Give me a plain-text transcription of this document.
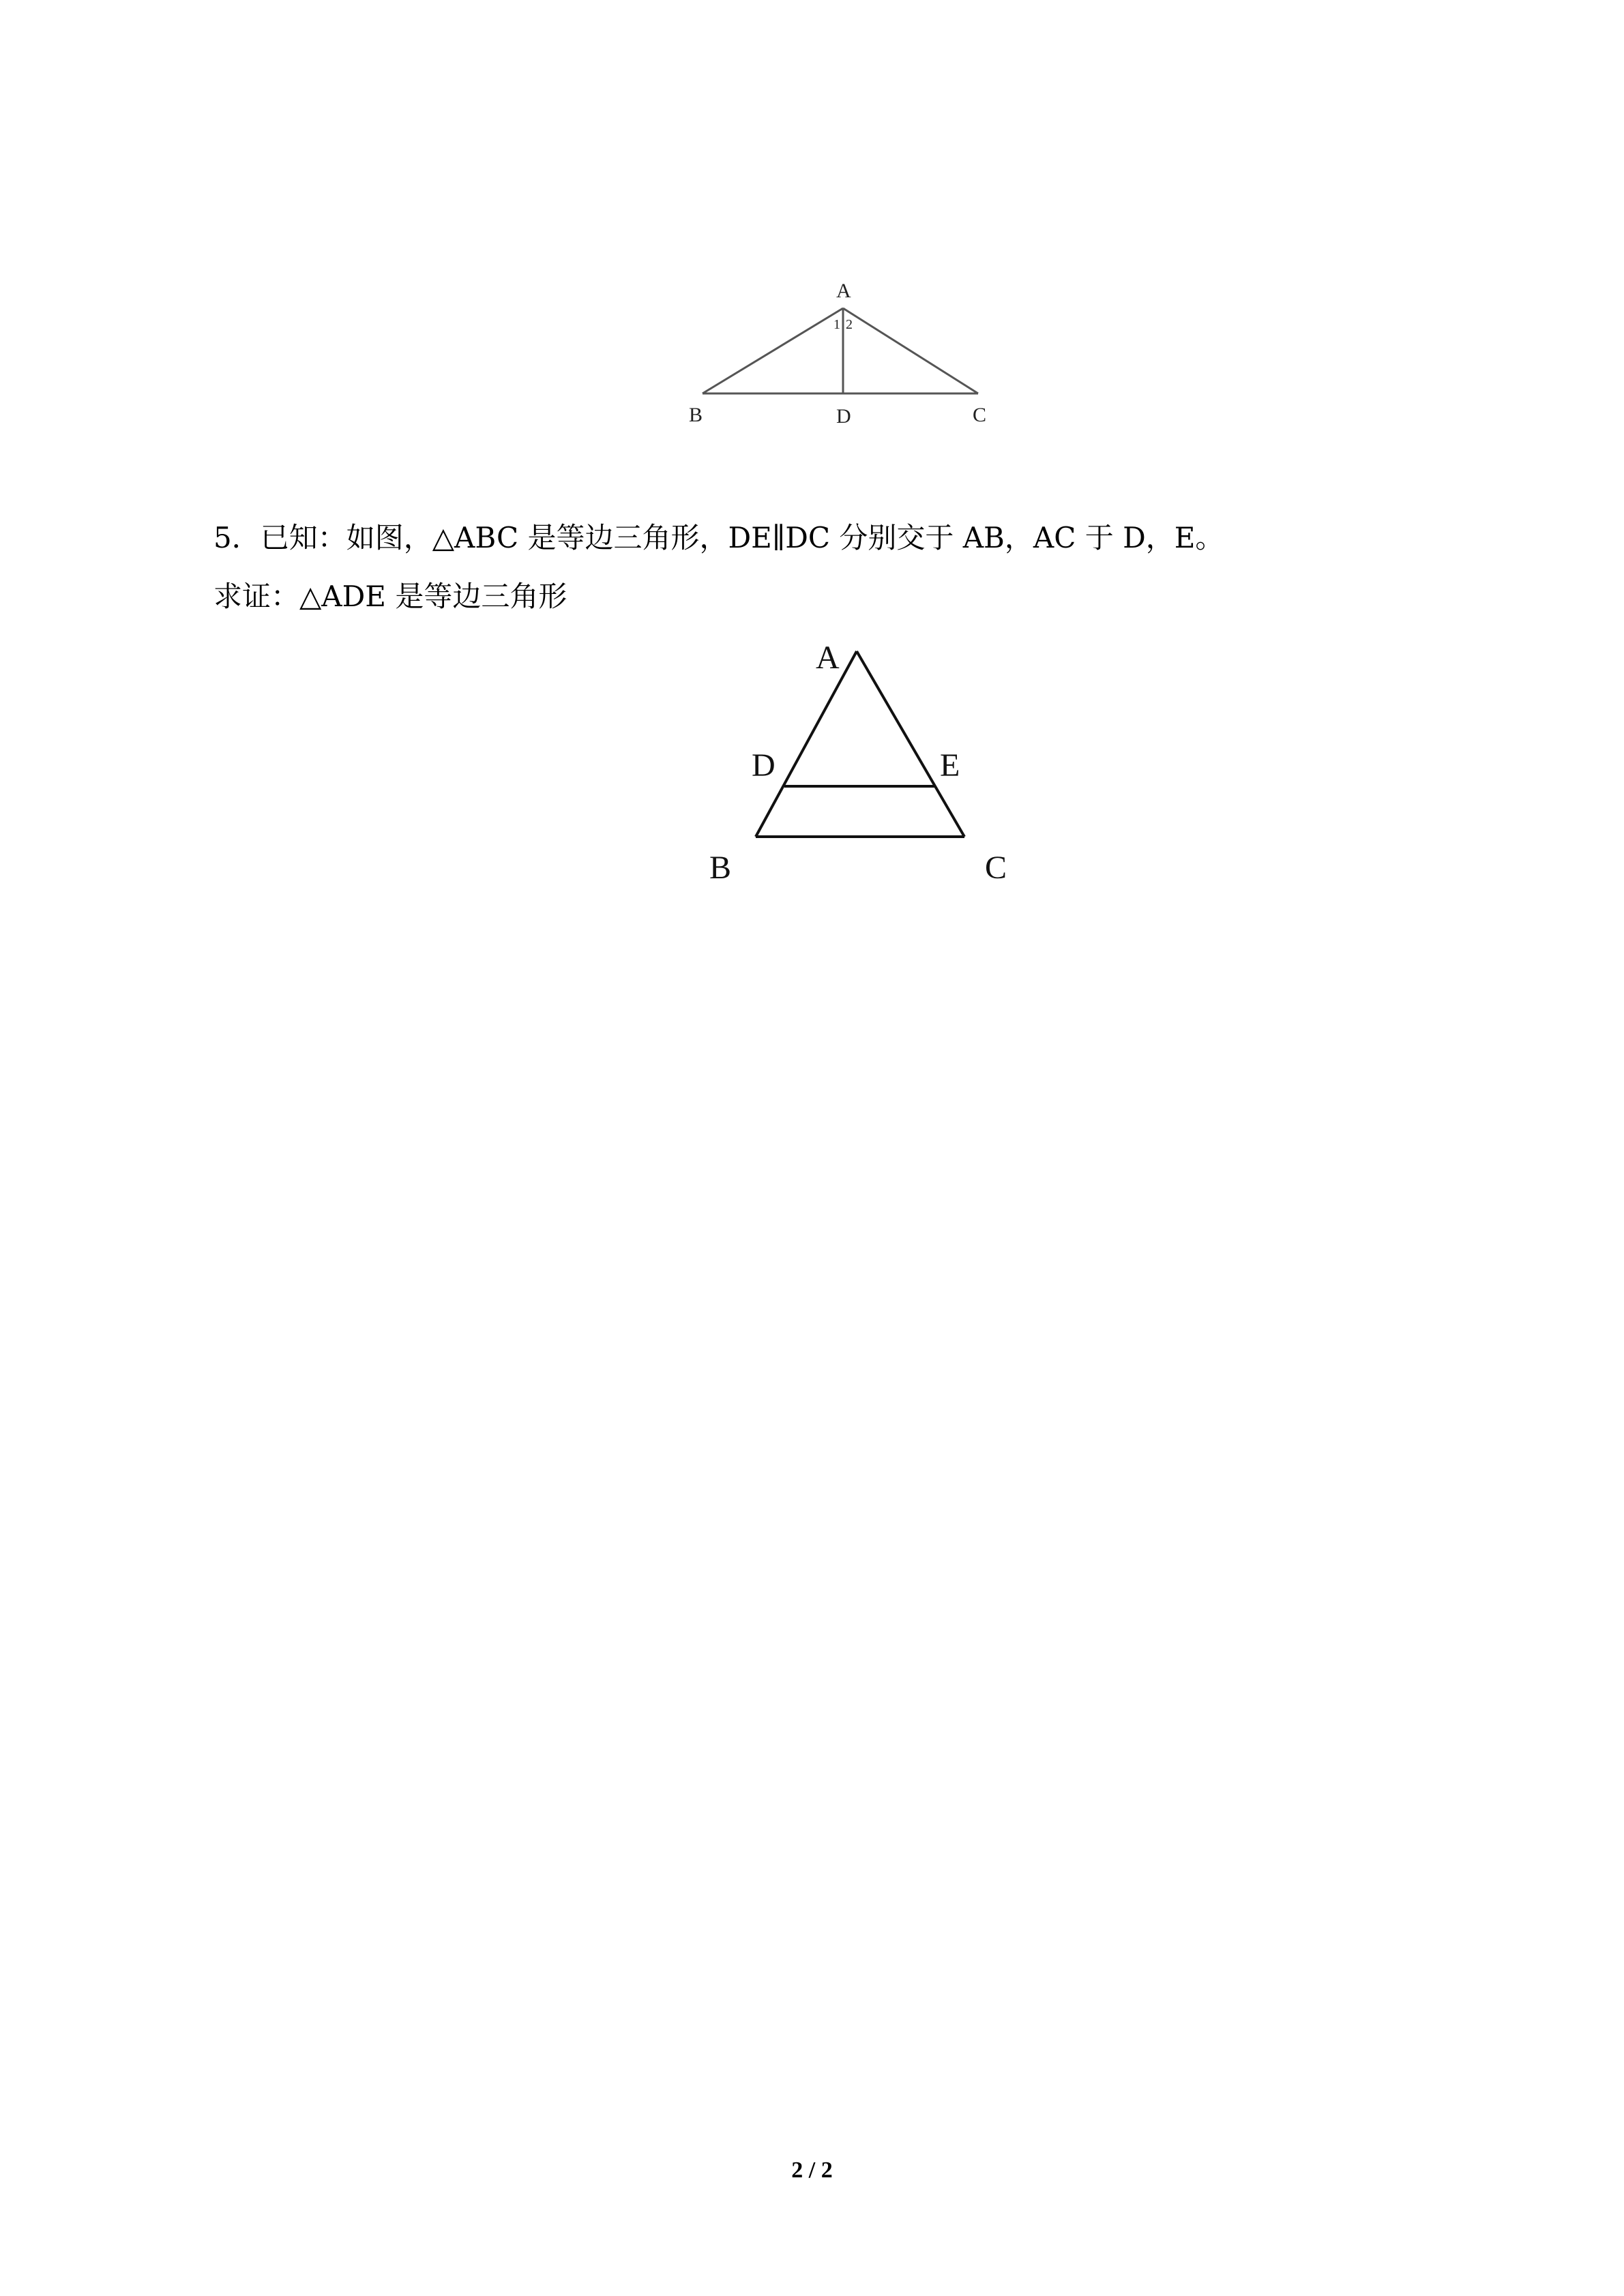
A
B	C
D
1 2
5．已知：如图，△ABC 是等边三角形，DE∥DC 分别交于 AB，AC 于 D，E。
求证：△ADE 是等边三角形
A
D	E
B	C
2 / 2
